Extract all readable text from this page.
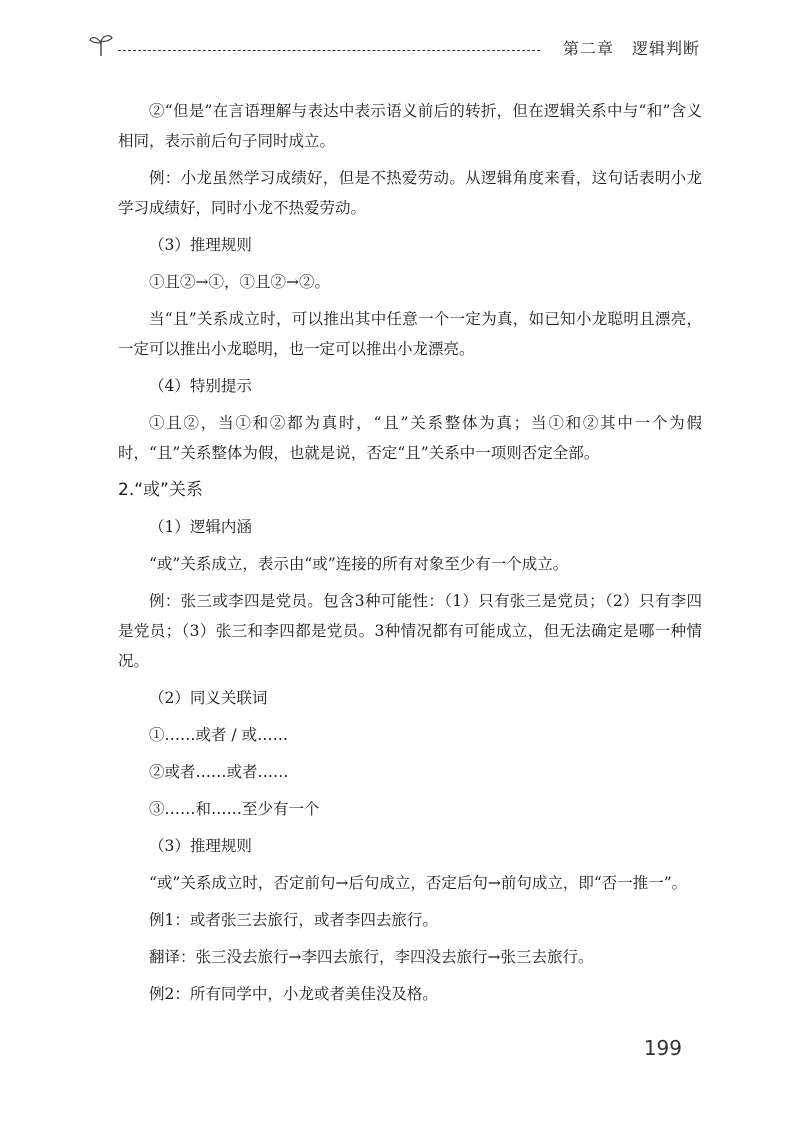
第二章 逻辑判断

②“但是”在言语理解与表达中表示语义前后的转折，但在逻辑关系中与“和”含义相同，表示前后句子同时成立。

例：小龙虽然学习成绩好，但是不热爱劳动。从逻辑角度来看，这句话表明小龙学习成绩好，同时小龙不热爱劳动。

（3）推理规则

①且②→①，①且②→②。

当“且”关系成立时，可以推出其中任意一个一定为真，如已知小龙聪明且漂亮，一定可以推出小龙聪明，也一定可以推出小龙漂亮。

（4）特别提示

①且②，当①和②都为真时，“且”关系整体为真；当①和②其中一个为假时，“且”关系整体为假，也就是说，否定“且”关系中一项则否定全部。

2.“或”关系

（1）逻辑内涵

“或”关系成立，表示由“或”连接的所有对象至少有一个成立。

例：张三或李四是党员。包含3种可能性：（1）只有张三是党员；（2）只有李四是党员；（3）张三和李四都是党员。3种情况都有可能成立，但无法确定是哪一种情况。

（2）同义关联词

①……或者 / 或……

②或者……或者……

③……和……至少有一个

（3）推理规则

“或”关系成立时，否定前句→后句成立，否定后句→前句成立，即“否一推一”。

例1：或者张三去旅行，或者李四去旅行。

翻译：张三没去旅行→李四去旅行，李四没去旅行→张三去旅行。

例2：所有同学中，小龙或者美佳没及格。

199
